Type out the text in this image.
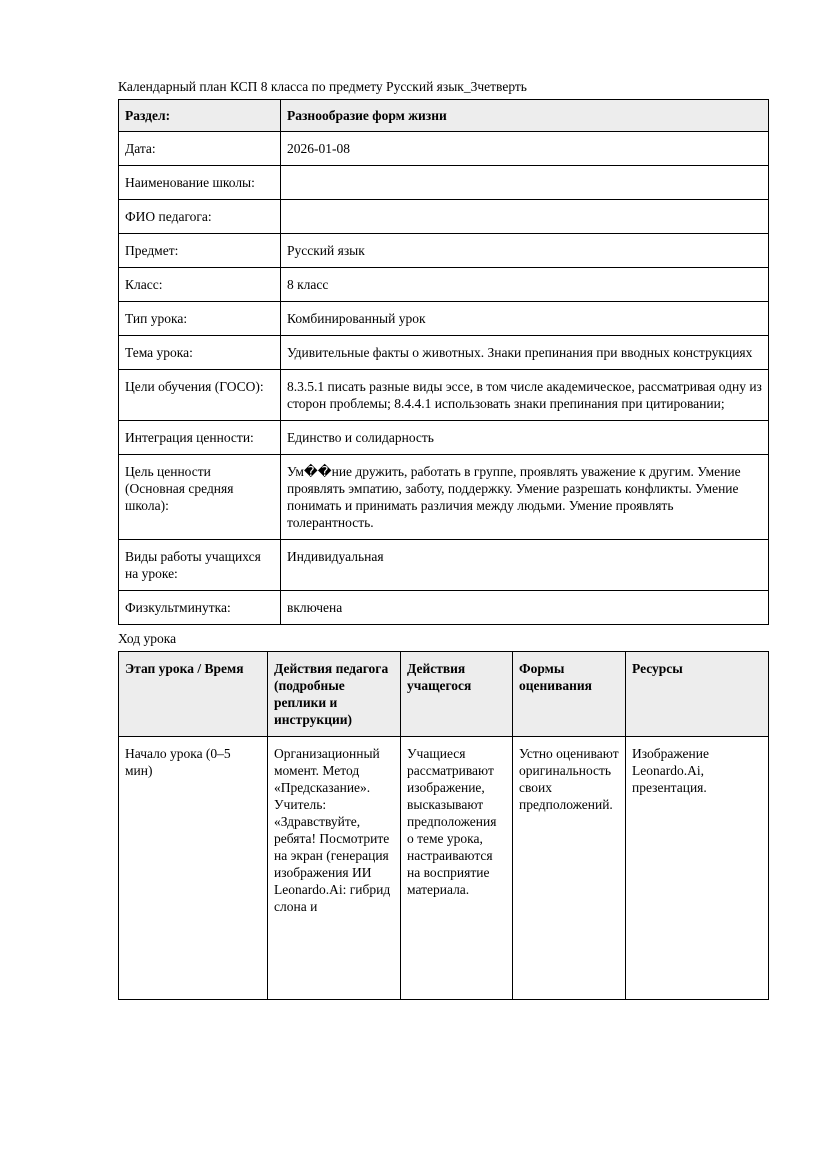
Календарный план КСП 8 класса по предмету Русский язык_3четверть
Раздел:	Разнообразие форм жизни
Дата:	2026-01-08
Наименование школы:	
ФИО педагога:	
Предмет:	Русский язык
Класс:	8 класс
Тип урока:	Комбинированный урок
Тема урока:	Удивительные факты о животных. Знаки препинания при вводных конструкциях
Цели обучения (ГОСО):	8.3.5.1 писать разные виды эссе, в том числе академическое, рассматривая одну из сторон проблемы; 8.4.4.1 использовать знаки препинания при цитировании;
Интеграция ценности:	Единство и солидарность
Цель ценности (Основная средняя школа):	Ум��ние дружить, работать в группе, проявлять уважение к другим. Умение проявлять эмпатию, заботу, поддержку. Умение разрешать конфликты. Умение понимать и принимать различия между людьми. Умение проявлять толерантность.
Виды работы учащихся на уроке:	Индивидуальная
Физкультминутка:	включена
Ход урока
Этап урока / Время	Действия педагога (подробные реплики и инструкции)	Действия учащегося	Формы оценивания	Ресурсы
Начало урока (0–5 мин)	Организационный момент. Метод «Предсказание». Учитель: «Здравствуйте, ребята! Посмотрите на экран (генерация изображения ИИ Leonardo.Ai: гибрид слона и	Учащиеся рассматривают изображение, высказывают предположения о теме урока, настраиваются на восприятие материала.	Устно оценивают оригинальность своих предположений.	Изображение Leonardo.Ai, презентация.
